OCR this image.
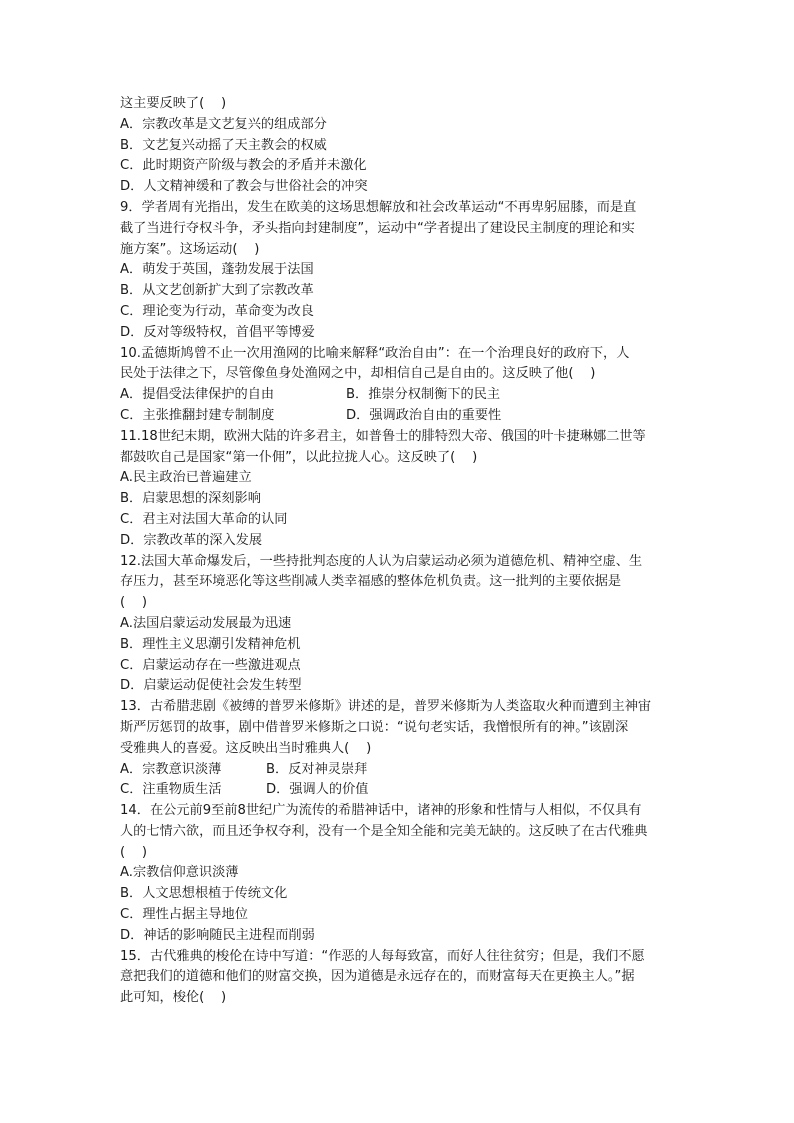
这主要反映了(    )
A．宗教改革是文艺复兴的组成部分
B．文艺复兴动摇了天主教会的权威
C．此时期资产阶级与教会的矛盾并未激化
D．人文精神缓和了教会与世俗社会的冲突
9．学者周有光指出，发生在欧美的这场思想解放和社会改革运动“不再卑躬屈膝，而是直
截了当进行夺权斗争，矛头指向封建制度”，运动中“学者提出了建设民主制度的理论和实
施方案”。这场运动(    )
A．萌发于英国，蓬勃发展于法国
B．从文艺创新扩大到了宗教改革
C．理论变为行动，革命变为改良
D．反对等级特权，首倡平等博爱
10.孟德斯鸠曾不止一次用渔网的比喻来解释“政治自由”：在一个治理良好的政府下，人
民处于法律之下，尽管像鱼身处渔网之中，却相信自己是自由的。这反映了他(    )
A．提倡受法律保护的自由	B．推崇分权制衡下的民主
C．主张推翻封建专制制度	D．强调政治自由的重要性
11.18世纪末期，欧洲大陆的许多君主，如普鲁士的腓特烈大帝、俄国的叶卡捷琳娜二世等
都鼓吹自己是国家“第一仆佣”，以此拉拢人心。这反映了(    )
A.民主政治已普遍建立
B．启蒙思想的深刻影响
C．君主对法国大革命的认同
D．宗教改革的深入发展
12.法国大革命爆发后，一些持批判态度的人认为启蒙运动必须为道德危机、精神空虚、生
存压力，甚至环境恶化等这些削减人类幸福感的整体危机负责。这一批判的主要依据是
(    )
A.法国启蒙运动发展最为迅速
B．理性主义思潮引发精神危机
C．启蒙运动存在一些激进观点
D．启蒙运动促使社会发生转型
13．古希腊悲剧《被缚的普罗米修斯》讲述的是，普罗米修斯为人类盗取火种而遭到主神宙
斯严厉惩罚的故事，剧中借普罗米修斯之口说：“说句老实话，我憎恨所有的神。”该剧深
受雅典人的喜爱。这反映出当时雅典人(    )
A．宗教意识淡薄	B．反对神灵崇拜
C．注重物质生活	D．强调人的价值
14．在公元前9至前8世纪广为流传的希腊神话中，诸神的形象和性情与人相似，不仅具有
人的七情六欲，而且还争权夺利，没有一个是全知全能和完美无缺的。这反映了在古代雅典
(    )
A.宗教信仰意识淡薄
B．人文思想根植于传统文化
C．理性占据主导地位
D．神话的影响随民主进程而削弱
15．古代雅典的梭伦在诗中写道：“作恶的人每每致富，而好人往往贫穷；但是，我们不愿
意把我们的道德和他们的财富交换，因为道德是永远存在的，而财富每天在更换主人。”据
此可知，梭伦(    )
